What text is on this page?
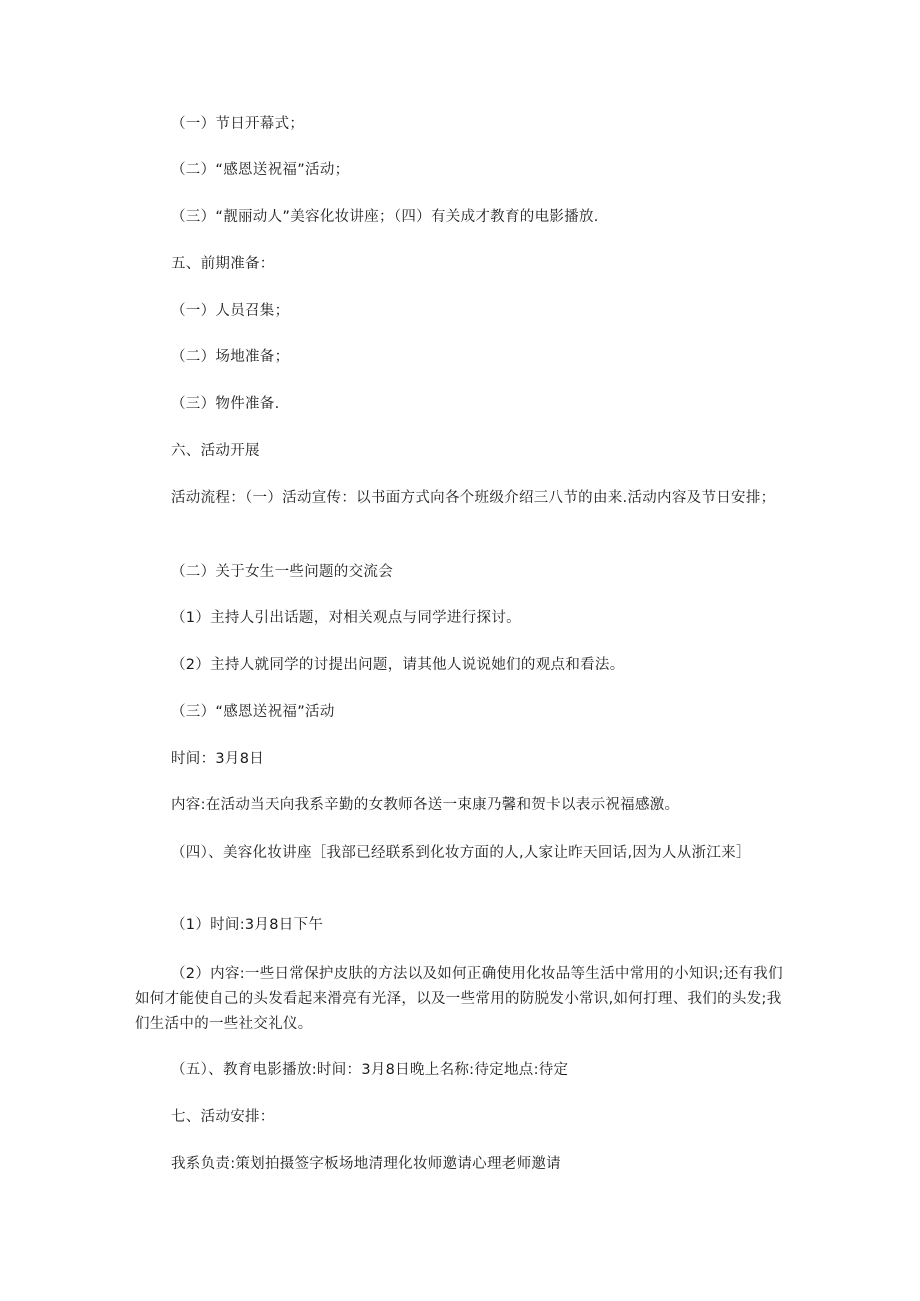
（一）节日开幕式；

（二）“感恩送祝福”活动；

（三）“靓丽动人”美容化妆讲座；（四）有关成才教育的电影播放.

五、前期准备：

（一）人员召集；

（二）场地准备；

（三）物件准备.

六、活动开展

活动流程：（一）活动宣传：以书面方式向各个班级介绍三八节的由来.活动内容及节日安排；

（二）关于女生一些问题的交流会

（1）主持人引出话题，对相关观点与同学进行探讨。

（2）主持人就同学的讨提出问题，请其他人说说她们的观点和看法。

（三）“感恩送祝福”活动

时间：3月8日

内容:在活动当天向我系辛勤的女教师各送一束康乃馨和贺卡以表示祝福感激。

（四）、美容化妆讲座［我部已经联系到化妆方面的人,人家让昨天回话,因为人从浙江来］

（1）时间:3月8日下午

（2）内容:一些日常保护皮肤的方法以及如何正确使用化妆品等生活中常用的小知识;还有我们如何才能使自己的头发看起来滑亮有光泽，以及一些常用的防脱发小常识,如何打理、我们的头发;我们生活中的一些社交礼仪。

（五）、教育电影播放:时间：3月8日晚上名称:待定地点:待定

七、活动安排：

我系负责:策划拍摄签字板场地清理化妆师邀请心理老师邀请
